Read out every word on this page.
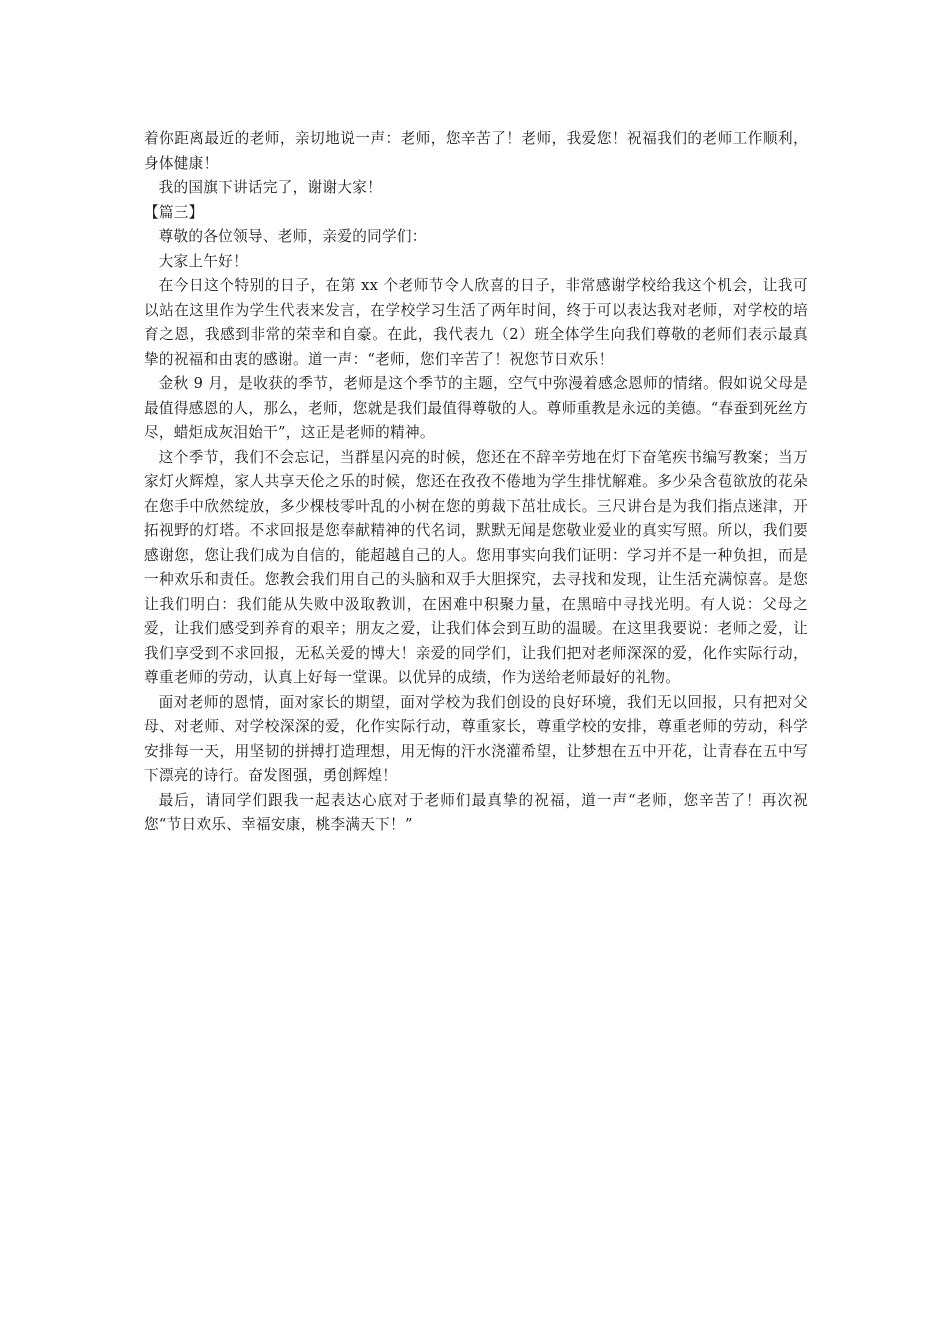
着你距离最近的老师，亲切地说一声：老师，您辛苦了！老师，我爱您！祝福我们的老师工作顺利，身体健康！

我的国旗下讲话完了，谢谢大家！

【篇三】

尊敬的各位领导、老师，亲爱的同学们：

大家上午好！

在今日这个特别的日子，在第 xx 个老师节令人欣喜的日子，非常感谢学校给我这个机会，让我可以站在这里作为学生代表来发言，在学校学习生活了两年时间，终于可以表达我对老师，对学校的培育之恩，我感到非常的荣幸和自豪。在此，我代表九（2）班全体学生向我们尊敬的老师们表示最真挚的祝福和由衷的感谢。道一声：“老师，您们辛苦了！祝您节日欢乐！

金秋 9 月，是收获的季节，老师是这个季节的主题，空气中弥漫着感念恩师的情绪。假如说父母是最值得感恩的人，那么，老师，您就是我们最值得尊敬的人。尊师重教是永远的美德。“春蚕到死丝方尽，蜡炬成灰泪始干”，这正是老师的精神。

这个季节，我们不会忘记，当群星闪亮的时候，您还在不辞辛劳地在灯下奋笔疾书编写教案；当万家灯火辉煌，家人共享天伦之乐的时候，您还在孜孜不倦地为学生排忧解难。多少朵含苞欲放的花朵在您手中欣然绽放，多少棵枝零叶乱的小树在您的剪裁下茁壮成长。三尺讲台是为我们指点迷津，开拓视野的灯塔。不求回报是您奉献精神的代名词，默默无闻是您敬业爱业的真实写照。所以，我们要感谢您，您让我们成为自信的，能超越自己的人。您用事实向我们证明：学习并不是一种负担，而是一种欢乐和责任。您教会我们用自己的头脑和双手大胆探究，去寻找和发现，让生活充满惊喜。是您让我们明白：我们能从失败中汲取教训，在困难中积聚力量，在黑暗中寻找光明。有人说：父母之爱，让我们感受到养育的艰辛；朋友之爱，让我们体会到互助的温暖。在这里我要说：老师之爱，让我们享受到不求回报，无私关爱的博大！亲爱的同学们，让我们把对老师深深的爱，化作实际行动，尊重老师的劳动，认真上好每一堂课。以优异的成绩，作为送给老师最好的礼物。

面对老师的恩情，面对家长的期望，面对学校为我们创设的良好环境，我们无以回报，只有把对父母、对老师、对学校深深的爱，化作实际行动，尊重家长，尊重学校的安排，尊重老师的劳动，科学安排每一天，用坚韧的拼搏打造理想，用无悔的汗水浇灌希望，让梦想在五中开花，让青春在五中写下漂亮的诗行。奋发图强，勇创辉煌！

最后，请同学们跟我一起表达心底对于老师们最真挚的祝福，道一声“老师，您辛苦了！再次祝您“节日欢乐、幸福安康，桃李满天下！”
